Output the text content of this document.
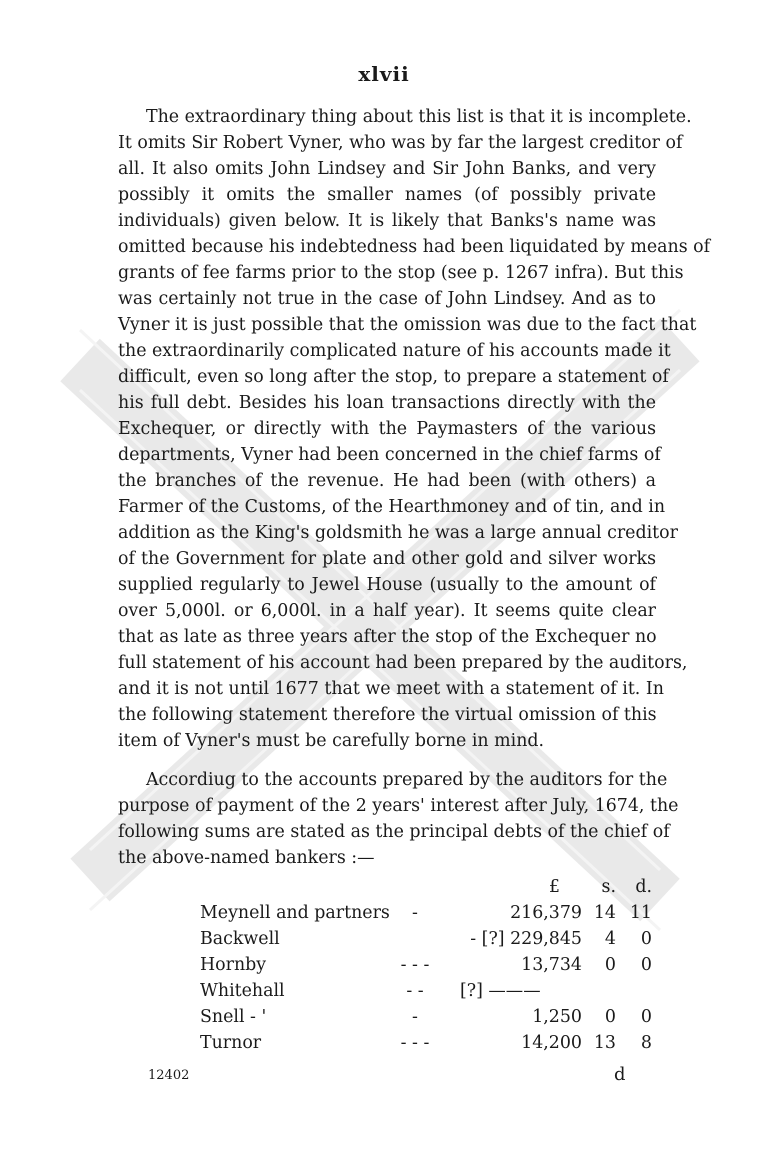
xlvii
The extraordinary thing about this list is that it is incomplete.
It omits Sir Robert Vyner, who was by far the largest creditor of
all. It also omits John Lindsey and Sir John Banks, and very
possibly it omits the smaller names (of possibly private
individuals) given below. It is likely that Banks's name was
omitted because his indebtedness had been liquidated by means of
grants of fee farms prior to the stop (see p. 1267 infra). But this
was certainly not true in the case of John Lindsey. And as to
Vyner it is just possible that the omission was due to the fact that
the extraordinarily complicated nature of his accounts made it
difficult, even so long after the stop, to prepare a statement of
his full debt. Besides his loan transactions directly with the
Exchequer, or directly with the Paymasters of the various
departments, Vyner had been concerned in the chief farms of
the branches of the revenue. He had been (with others) a
Farmer of the Customs, of the Hearthmoney and of tin, and in
addition as the King's goldsmith he was a large annual creditor
of the Government for plate and other gold and silver works
supplied regularly to Jewel House (usually to the amount of
over 5,000l. or 6,000l. in a half year). It seems quite clear
that as late as three years after the stop of the Exchequer no
full statement of his account had been prepared by the auditors,
and it is not until 1677 that we meet with a statement of it. In
the following statement therefore the virtual omission of this
item of Vyner's must be carefully borne in mind.
Accordiug to the accounts prepared by the auditors for the
purpose of payment of the 2 years' interest after July, 1674, the
following sums are stated as the principal debts of the chief of
the above-named bankers :—
		£	s.	d.
Meynell and partners	-	216,379	14	11
Backwell		- [?] 229,845	4	0
Hornby	- - -	13,734	0	0
Whitehall	- -	[?] ———		
Snell - '	-	1,250	0	0
Turnor	- - -	14,200	13	8
12402	d
